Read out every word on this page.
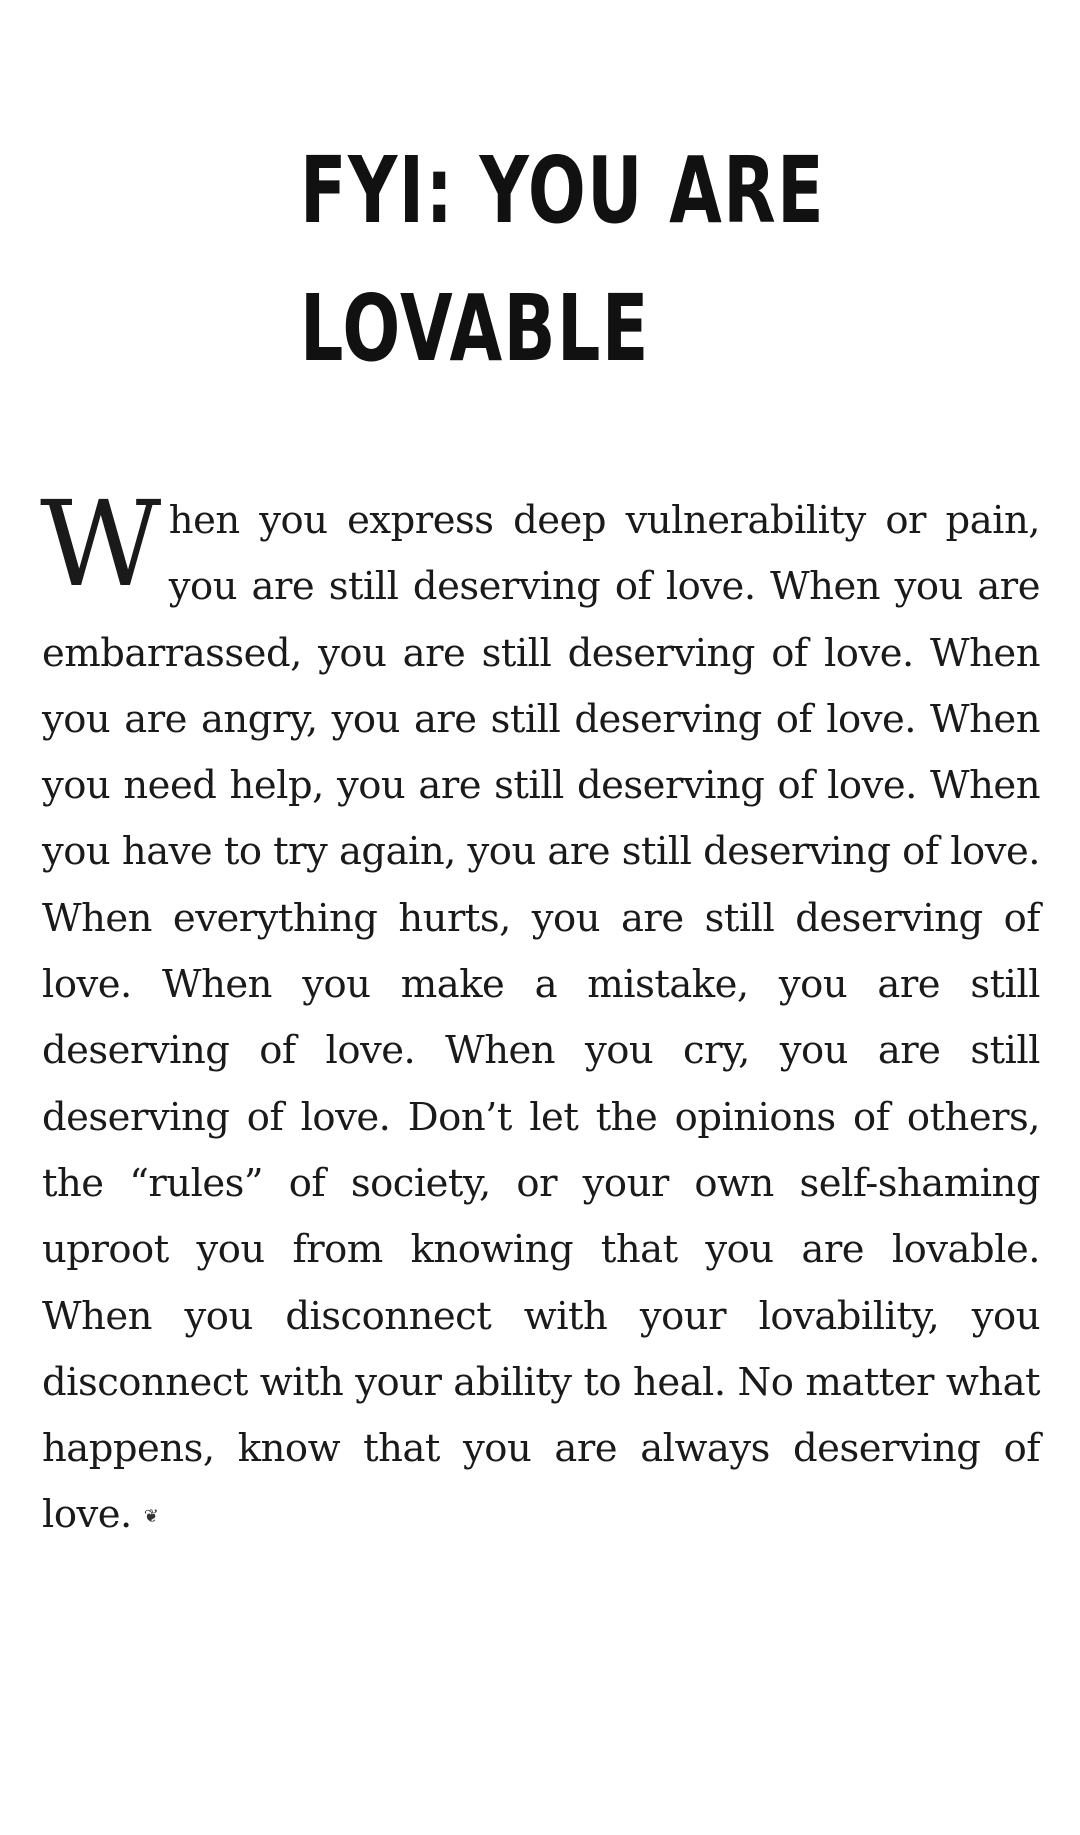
FYI: YOU ARE
LOVABLE

When you express deep vulnerability or pain, you are still deserving of love. When you are embarrassed, you are still deserving of love. When you are angry, you are still deserving of love. When you need help, you are still deserving of love. When you have to try again, you are still deserving of love. When everything hurts, you are still deserving of love. When you make a mistake, you are still deserving of love. When you cry, you are still deserving of love. Don’t let the opinions of others, the “rules” of society, or your own self-shaming uproot you from knowing that you are lovable. When you disconnect with your lovability, you disconnect with your ability to heal. No matter what happens, know that you are always deserving of love. ❦
